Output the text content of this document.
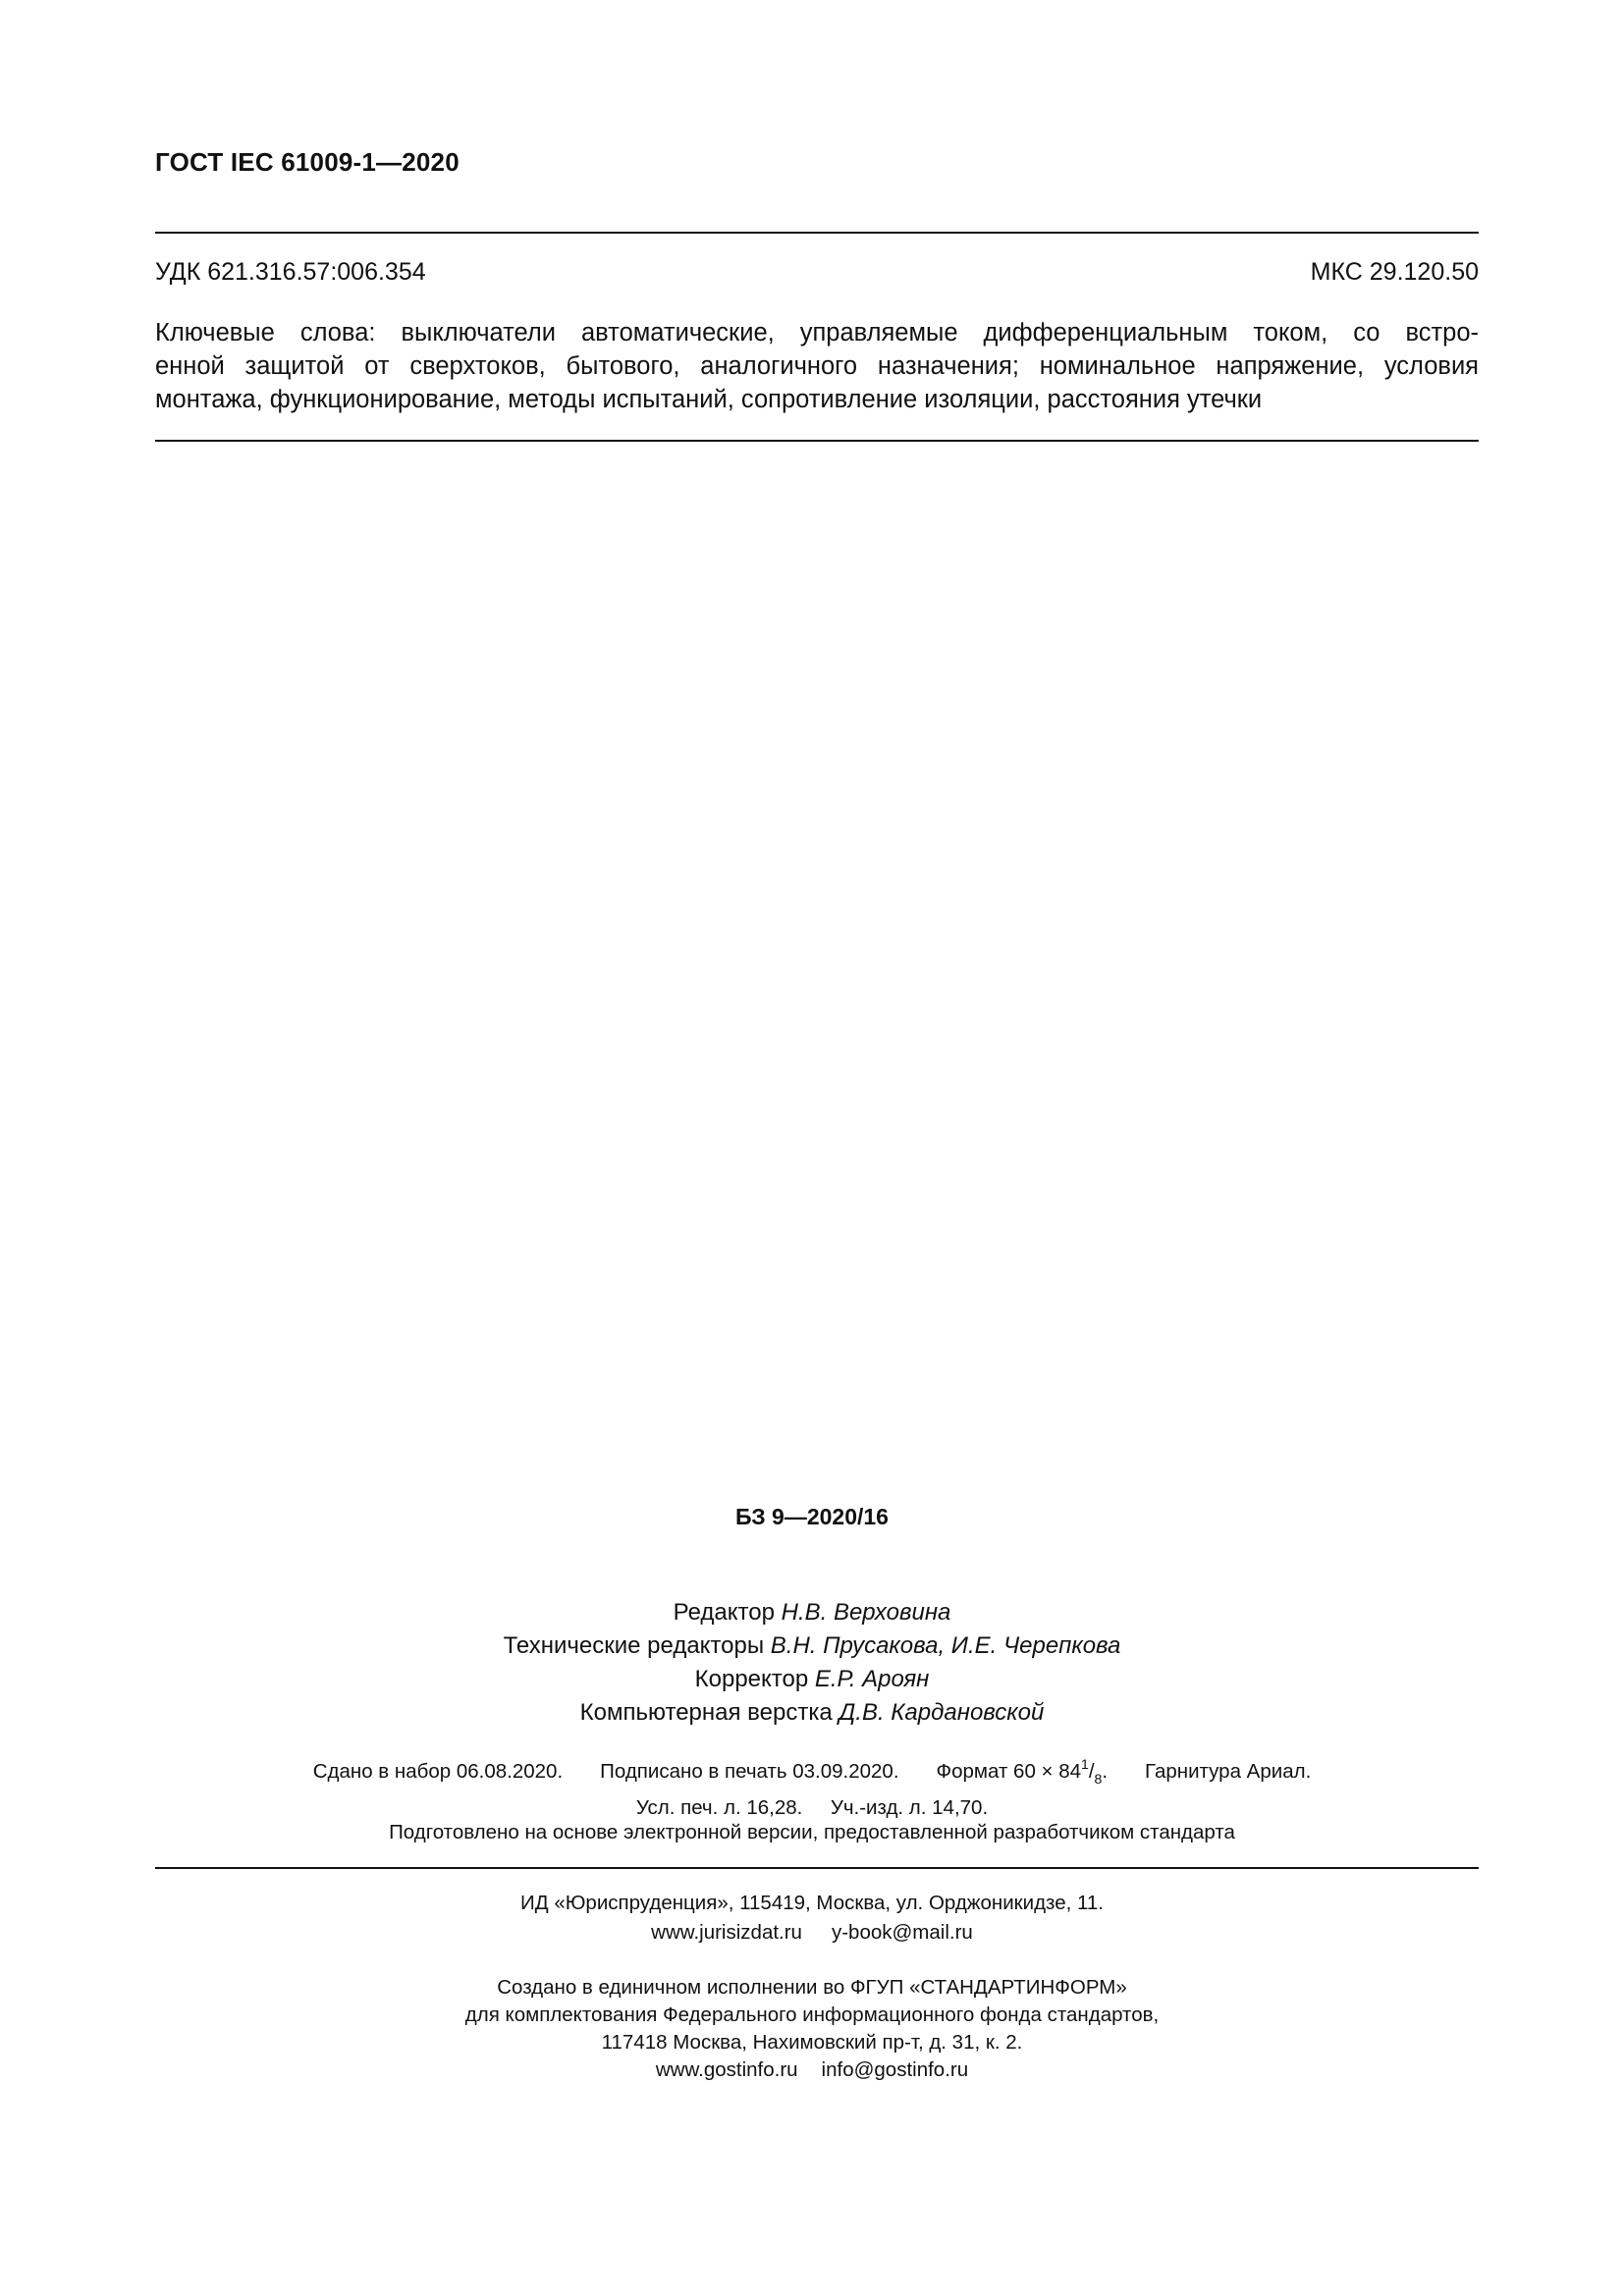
ГОСТ IEC 61009-1—2020
УДК 621.316.57:006.354	МКС 29.120.50
Ключевые слова: выключатели автоматические, управляемые дифференциальным током, со встро-
енной защитой от сверхтоков, бытового, аналогичного назначения; номинальное напряжение, условия
монтажа, функционирование, методы испытаний, сопротивление изоляции, расстояния утечки
БЗ 9—2020/16
Редактор Н.В. Верховина
Технические редакторы В.Н. Прусакова, И.Е. Черепкова
Корректор Е.Р. Ароян
Компьютерная верстка Д.В. Кардановской
Сдано в набор 06.08.2020. Подписано в печать 03.09.2020. Формат $60 \times 84^1/_8$. Гарнитура Ариал.
Усл. печ. л. 16,28. Уч.-изд. л. 14,70.
Подготовлено на основе электронной версии, предоставленной разработчиком стандарта
ИД «Юриспруденция», 115419, Москва, ул. Орджоникидзе, 11.
www.jurisizdat.ru y-book@mail.ru
Создано в единичном исполнении во ФГУП «СТАНДАРТИНФОРМ»
для комплектования Федерального информационного фонда стандартов,
117418 Москва, Нахимовский пр-т, д. 31, к. 2.
www.gostinfo.ru info@gostinfo.ru
